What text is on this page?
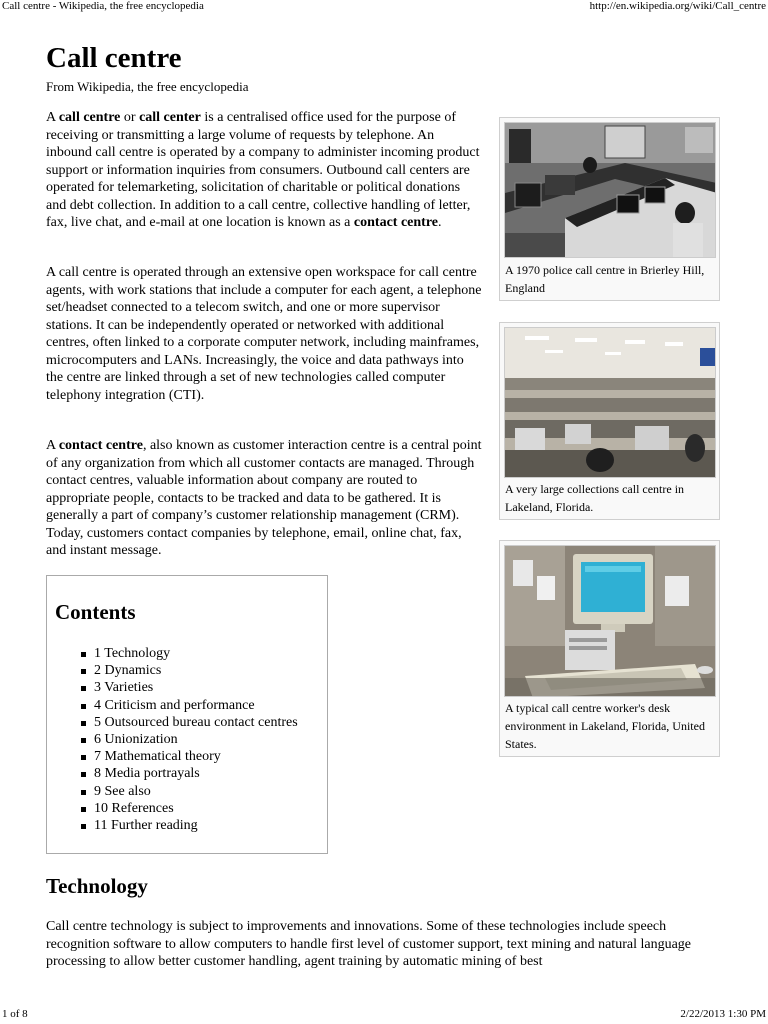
Call centre - Wikipedia, the free encyclopedia	http://en.wikipedia.org/wiki/Call_centre
Call centre
From Wikipedia, the free encyclopedia

A call centre or call center is a centralised office used for the purpose of receiving or transmitting a large volume of requests by telephone. An inbound call centre is operated by a company to administer incoming product support or information inquiries from consumers. Outbound call centers are operated for telemarketing, solicitation of charitable or political donations and debt collection. In addition to a call centre, collective handling of letter, fax, live chat, and e-mail at one location is known as a contact centre.

A call centre is operated through an extensive open workspace for call centre agents, with work stations that include a computer for each agent, a telephone set/headset connected to a telecom switch, and one or more supervisor stations. It can be independently operated or networked with additional centres, often linked to a corporate computer network, including mainframes, microcomputers and LANs. Increasingly, the voice and data pathways into the centre are linked through a set of new technologies called computer telephony integration (CTI).

A contact centre, also known as customer interaction centre is a central point of any organization from which all customer contacts are managed. Through contact centres, valuable information about company are routed to appropriate people, contacts to be tracked and data to be gathered. It is generally a part of company’s customer relationship management (CRM). Today, customers contact companies by telephone, email, online chat, fax, and instant message.

Contents
1 Technology
2 Dynamics
3 Varieties
4 Criticism and performance
5 Outsourced bureau contact centres
6 Unionization
7 Mathematical theory
8 Media portrayals
9 See also
10 References
11 Further reading
Technology

Call centre technology is subject to improvements and innovations. Some of these technologies include speech recognition software to allow computers to handle first level of customer support, text mining and natural language processing to allow better customer handling, agent training by automatic mining of best

A 1970 police call centre in Brierley Hill, England
A very large collections call centre in Lakeland, Florida.
A typical call centre worker's desk environment in Lakeland, Florida, United States.
1 of 8	2/22/2013 1:30 PM
